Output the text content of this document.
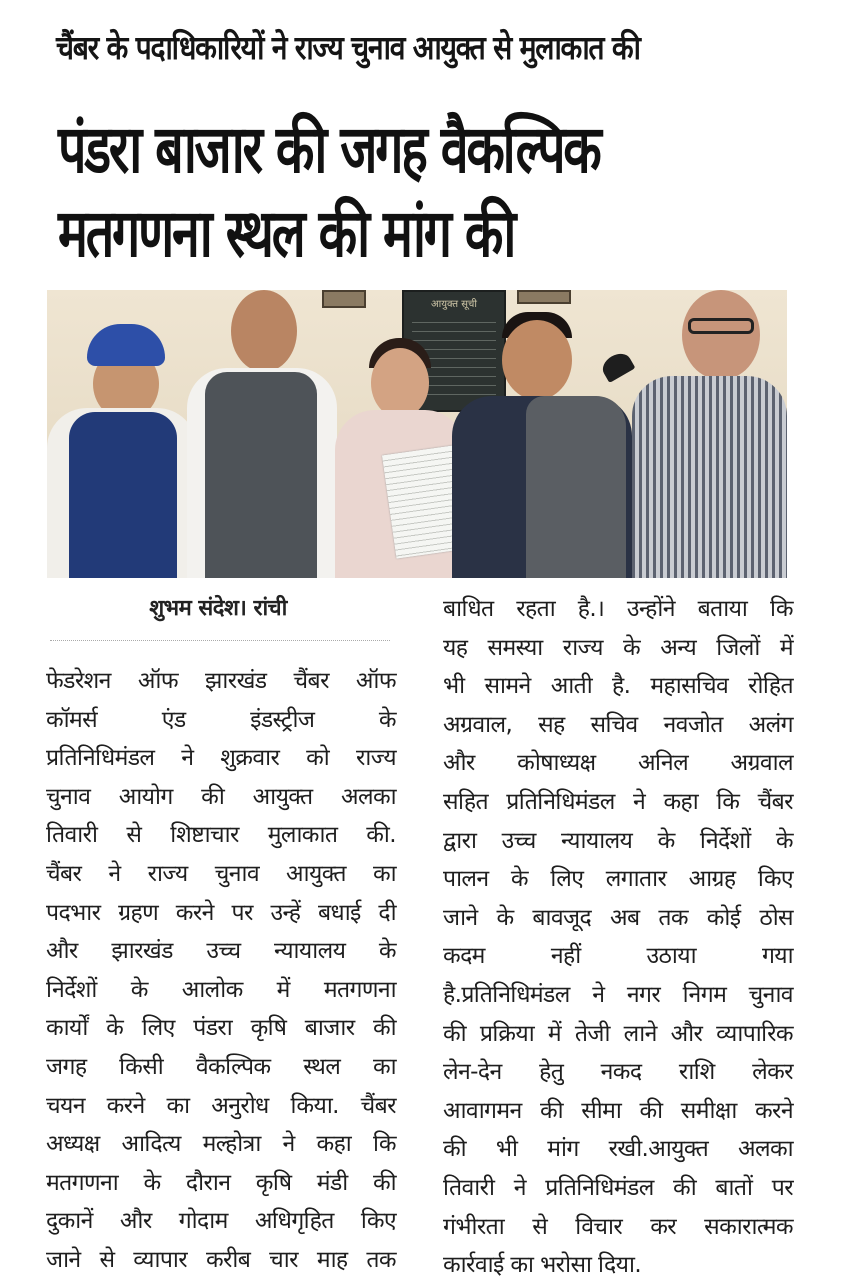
चैंबर के पदाधिकारियों ने राज्य चुनाव आयुक्त से मुलाकात की
पंडरा बाजार की जगह वैकल्पिक
मतगणना स्थल की मांग की
आयुक्त सूची
शुभम संदेश। रांची
फेडरेशन ऑफ झारखंड चैंबर ऑफ
कॉमर्स एंड इंडस्ट्रीज के
प्रतिनिधिमंडल ने शुक्रवार को राज्य
चुनाव आयोग की आयुक्त अलका
तिवारी से शिष्टाचार मुलाकात की.
चैंबर ने राज्य चुनाव आयुक्त का
पदभार ग्रहण करने पर उन्हें बधाई दी
और झारखंड उच्च न्यायालय के
निर्देशों के आलोक में मतगणना
कार्यों के लिए पंडरा कृषि बाजार की
जगह किसी वैकल्पिक स्थल का
चयन करने का अनुरोध किया. चैंबर
अध्यक्ष आदित्य मल्होत्रा ने कहा कि
मतगणना के दौरान कृषि मंडी की
दुकानें और गोदाम अधिगृहित किए
जाने से व्यापार करीब चार माह तक
बाधित रहता है.। उन्होंने बताया कि
यह समस्या राज्य के अन्य जिलों में
भी सामने आती है. महासचिव रोहित
अग्रवाल, सह सचिव नवजोत अलंग
और कोषाध्यक्ष अनिल अग्रवाल
सहित प्रतिनिधिमंडल ने कहा कि चैंबर
द्वारा उच्च न्यायालय के निर्देशों के
पालन के लिए लगातार आग्रह किए
जाने के बावजूद अब तक कोई ठोस
कदम नहीं उठाया गया
है.प्रतिनिधिमंडल ने नगर निगम चुनाव
की प्रक्रिया में तेजी लाने और व्यापारिक
लेन-देन हेतु नकद राशि लेकर
आवागमन की सीमा की समीक्षा करने
की भी मांग रखी.आयुक्त अलका
तिवारी ने प्रतिनिधिमंडल की बातों पर
गंभीरता से विचार कर सकारात्मक
कार्रवाई का भरोसा दिया.
